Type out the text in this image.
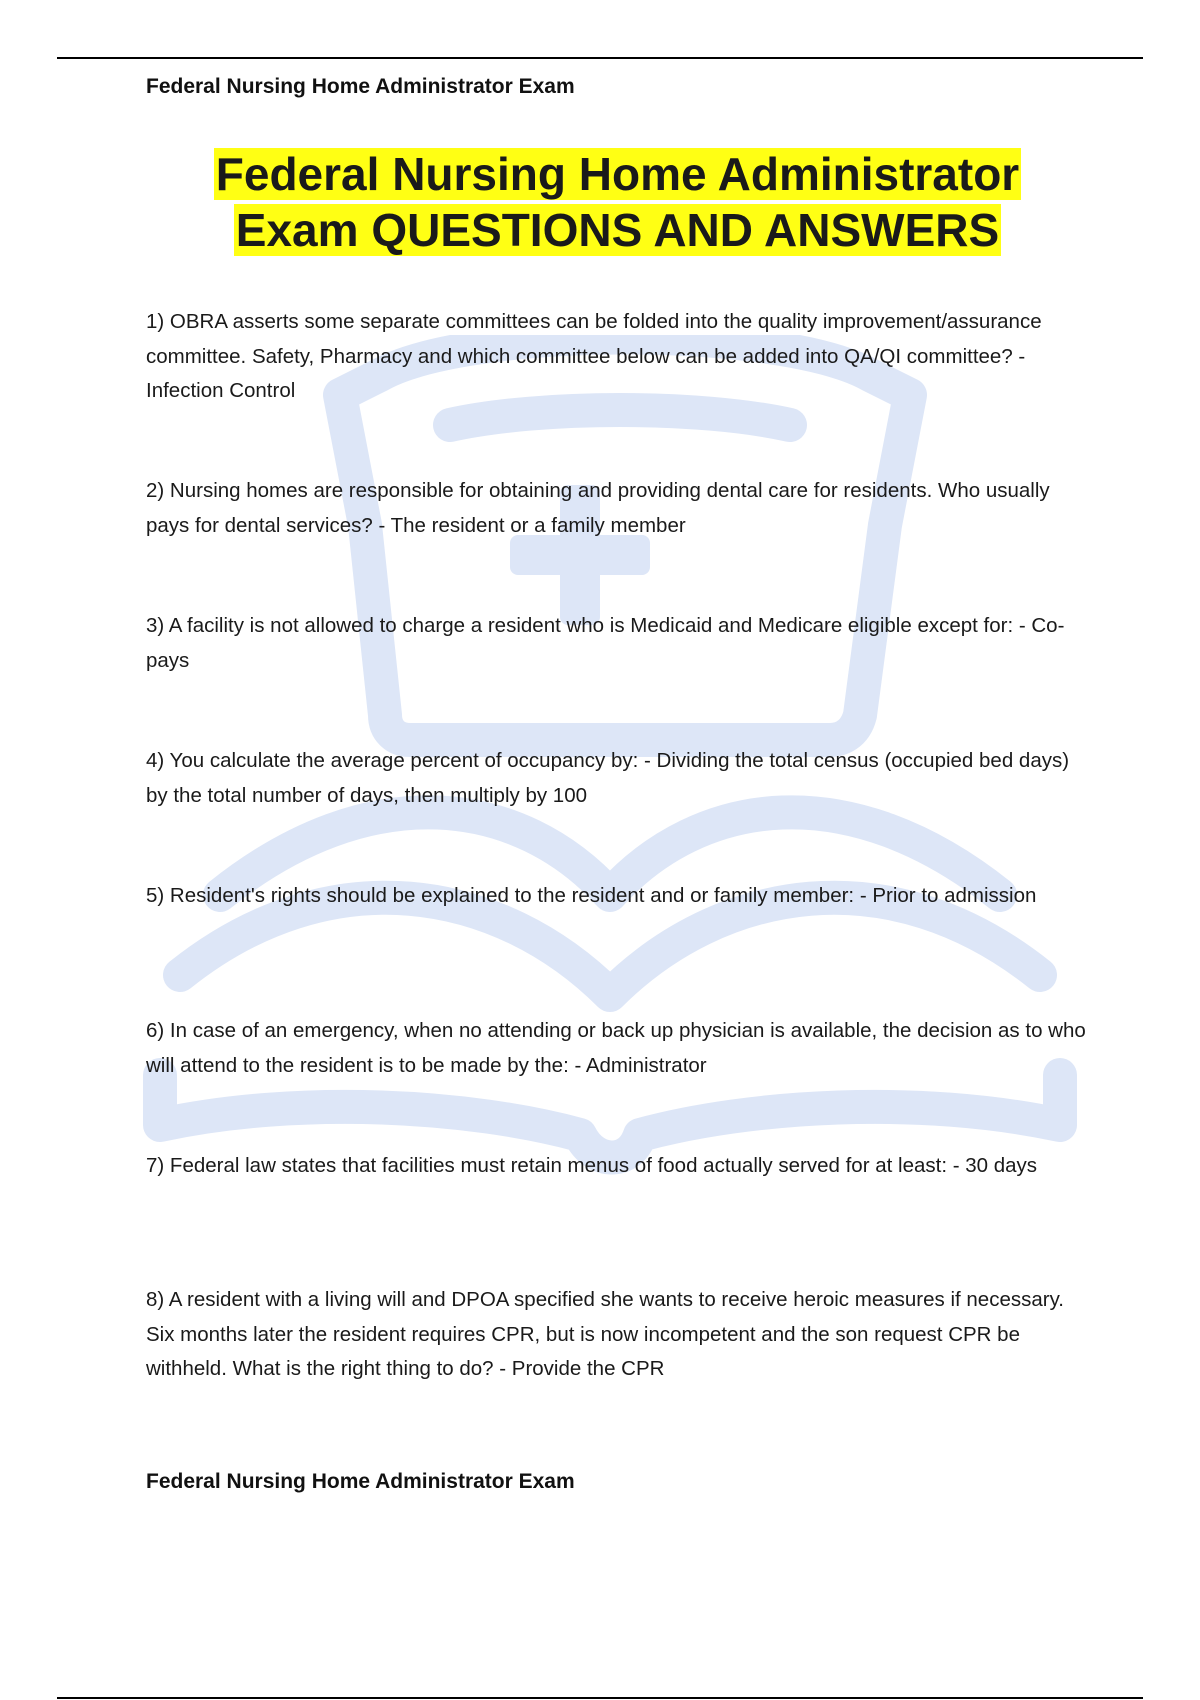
Federal Nursing Home Administrator Exam
Federal Nursing Home Administrator
Exam QUESTIONS AND ANSWERS
1) OBRA asserts some separate committees can be folded into the quality improvement/assurance committee. Safety, Pharmacy and which committee below can be added into QA/QI committee? - Infection Control
2) Nursing homes are responsible for obtaining and providing dental care for residents. Who usually pays for dental services? - The resident or a family member
3) A facility is not allowed to charge a resident who is Medicaid and Medicare eligible except for: - Co-pays
4) You calculate the average percent of occupancy by: - Dividing the total census (occupied bed days) by the total number of days, then multiply by 100
5) Resident's rights should be explained to the resident and or family member: - Prior to admission
6) In case of an emergency, when no attending or back up physician is available, the decision as to who will attend to the resident is to be made by the: - Administrator
7) Federal law states that facilities must retain menus of food actually served for at least: - 30 days
8) A resident with a living will and DPOA specified she wants to receive heroic measures if necessary. Six months later the resident requires CPR, but is now incompetent and the son request CPR be withheld. What is the right thing to do? - Provide the CPR
Federal Nursing Home Administrator Exam
